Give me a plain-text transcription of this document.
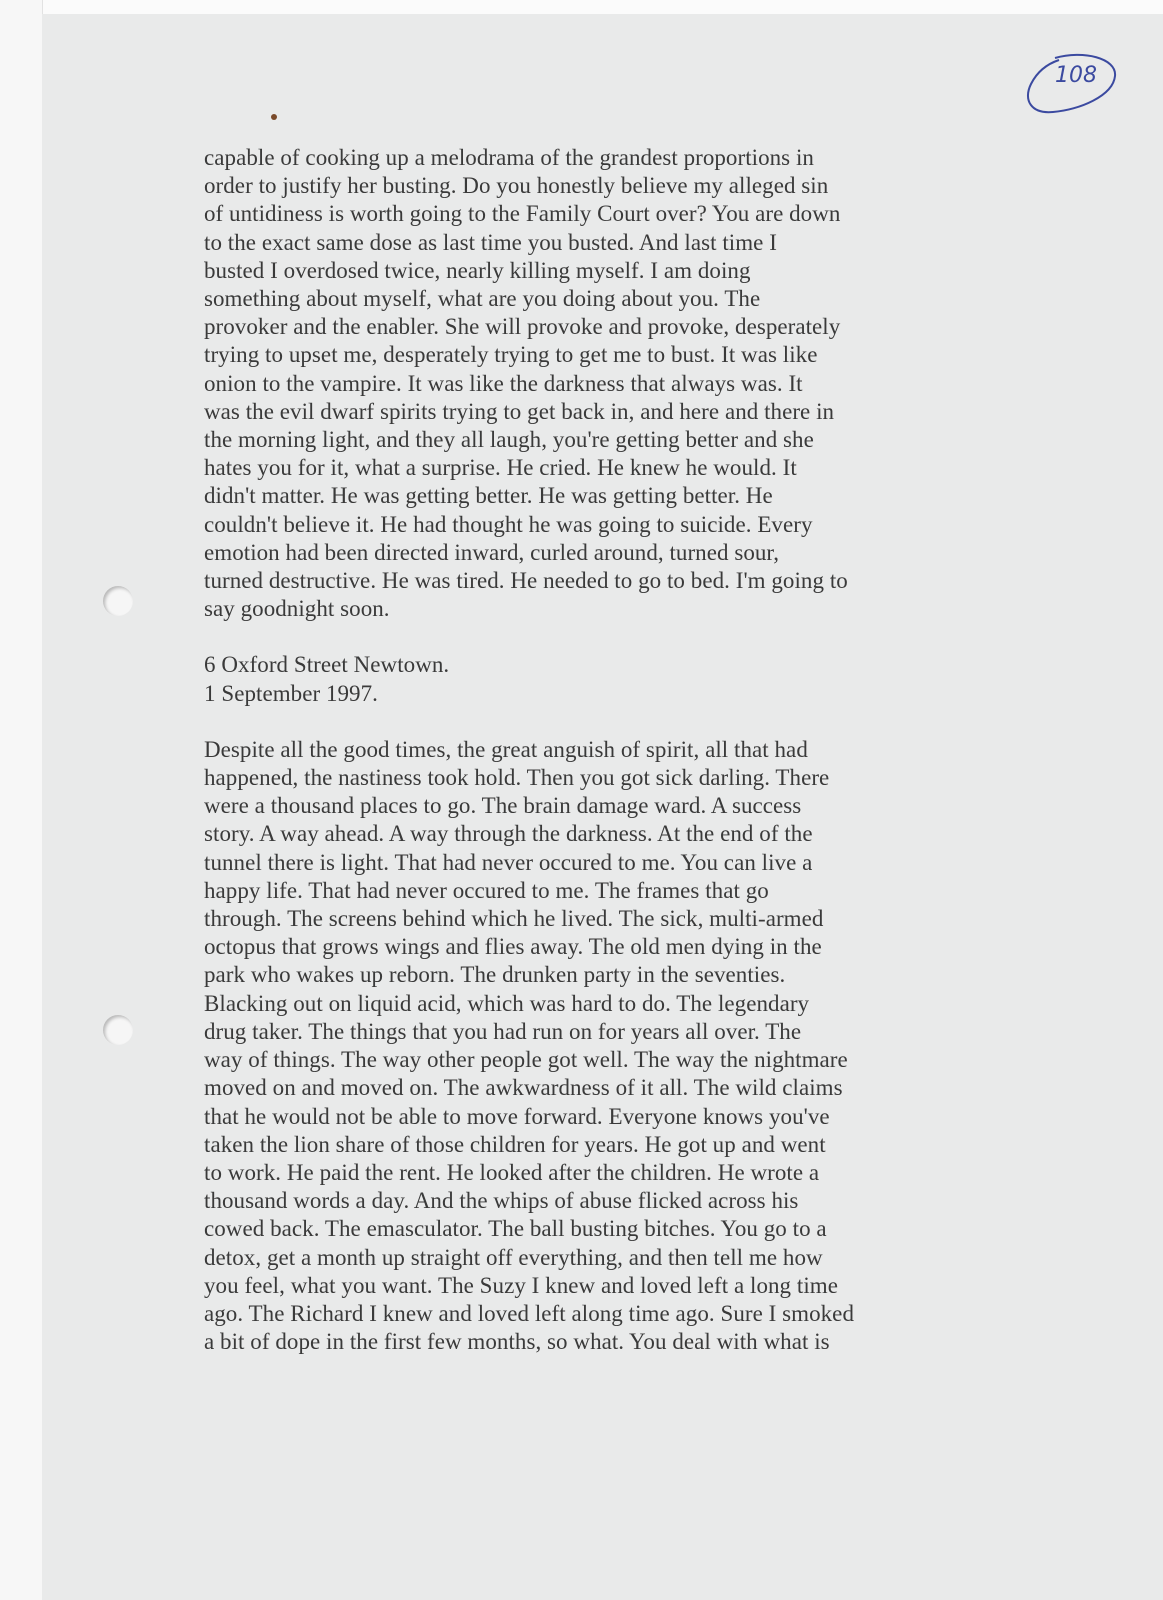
108

capable of cooking up a melodrama of the grandest proportions in
order to justify her busting. Do you honestly believe my alleged sin
of untidiness is worth going to the Family Court over? You are down
to the exact same dose as last time you busted. And last time I
busted I overdosed twice, nearly killing myself. I am doing
something about myself, what are you doing about you. The
provoker and the enabler. She will provoke and provoke, desperately
trying to upset me, desperately trying to get me to bust. It was like
onion to the vampire. It was like the darkness that always was. It
was the evil dwarf spirits trying to get back in, and here and there in
the morning light, and they all laugh, you're getting better and she
hates you for it, what a surprise. He cried. He knew he would. It
didn't matter. He was getting better. He was getting better. He
couldn't believe it. He had thought he was going to suicide. Every
emotion had been directed inward, curled around, turned sour,
turned destructive. He was tired. He needed to go to bed. I'm going to
say goodnight soon.

6 Oxford Street Newtown.
1 September 1997.

Despite all the good times, the great anguish of spirit, all that had
happened, the nastiness took hold. Then you got sick darling. There
were a thousand places to go. The brain damage ward. A success
story. A way ahead. A way through the darkness. At the end of the
tunnel there is light. That had never occured to me. You can live a
happy life. That had never occured to me. The frames that go
through. The screens behind which he lived. The sick, multi-armed
octopus that grows wings and flies away. The old men dying in the
park who wakes up reborn. The drunken party in the seventies.
Blacking out on liquid acid, which was hard to do. The legendary
drug taker. The things that you had run on for years all over. The
way of things. The way other people got well. The way the nightmare
moved on and moved on. The awkwardness of it all. The wild claims
that he would not be able to move forward. Everyone knows you've
taken the lion share of those children for years. He got up and went
to work. He paid the rent. He looked after the children. He wrote a
thousand words a day. And the whips of abuse flicked across his
cowed back. The emasculator. The ball busting bitches. You go to a
detox, get a month up straight off everything, and then tell me how
you feel, what you want. The Suzy I knew and loved left a long time
ago. The Richard I knew and loved left along time ago. Sure I smoked
a bit of dope in the first few months, so what. You deal with what is
